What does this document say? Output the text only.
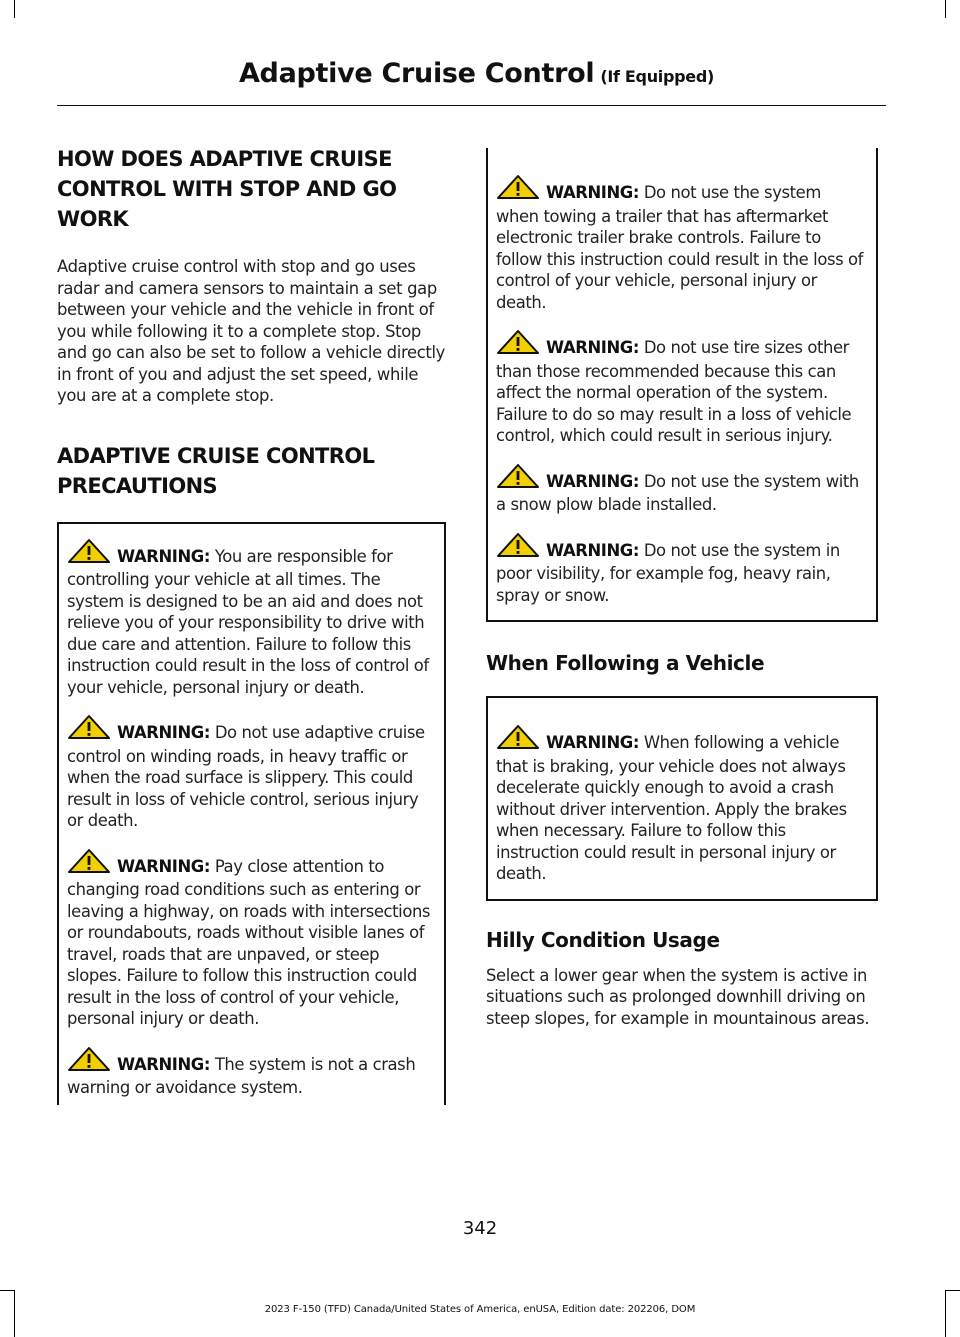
Adaptive Cruise Control (If Equipped)
HOW DOES ADAPTIVE CRUISE
CONTROL WITH STOP AND GO
WORK

Adaptive cruise control with stop and go uses radar and camera sensors to maintain a set gap between your vehicle and the vehicle in front of you while following it to a complete stop. Stop and go can also be set to follow a vehicle directly in front of you and adjust the set speed, while you are at a complete stop.

ADAPTIVE CRUISE CONTROL
PRECAUTIONS

WARNING: You are responsible for controlling your vehicle at all times. The system is designed to be an aid and does not relieve you of your responsibility to drive with due care and attention. Failure to follow this instruction could result in the loss of control of your vehicle, personal injury or death.

WARNING: Do not use adaptive cruise control on winding roads, in heavy traffic or when the road surface is slippery. This could result in loss of vehicle control, serious injury or death.

WARNING: Pay close attention to changing road conditions such as entering or leaving a highway, on roads with intersections or roundabouts, roads without visible lanes of travel, roads that are unpaved, or steep slopes. Failure to follow this instruction could result in the loss of control of your vehicle, personal injury or death.

WARNING: The system is not a crash warning or avoidance system.

WARNING: Do not use the system when towing a trailer that has aftermarket electronic trailer brake controls. Failure to follow this instruction could result in the loss of control of your vehicle, personal injury or death.

WARNING: Do not use tire sizes other than those recommended because this can affect the normal operation of the system. Failure to do so may result in a loss of vehicle control, which could result in serious injury.

WARNING: Do not use the system with a snow plow blade installed.

WARNING: Do not use the system in poor visibility, for example fog, heavy rain, spray or snow.

When Following a Vehicle

WARNING: When following a vehicle that is braking, your vehicle does not always decelerate quickly enough to avoid a crash without driver intervention. Apply the brakes when necessary. Failure to follow this instruction could result in personal injury or death.

Hilly Condition Usage

Select a lower gear when the system is active in situations such as prolonged downhill driving on steep slopes, for example in mountainous areas.

342
2023 F-150 (TFD) Canada/United States of America, enUSA, Edition date: 202206, DOM
